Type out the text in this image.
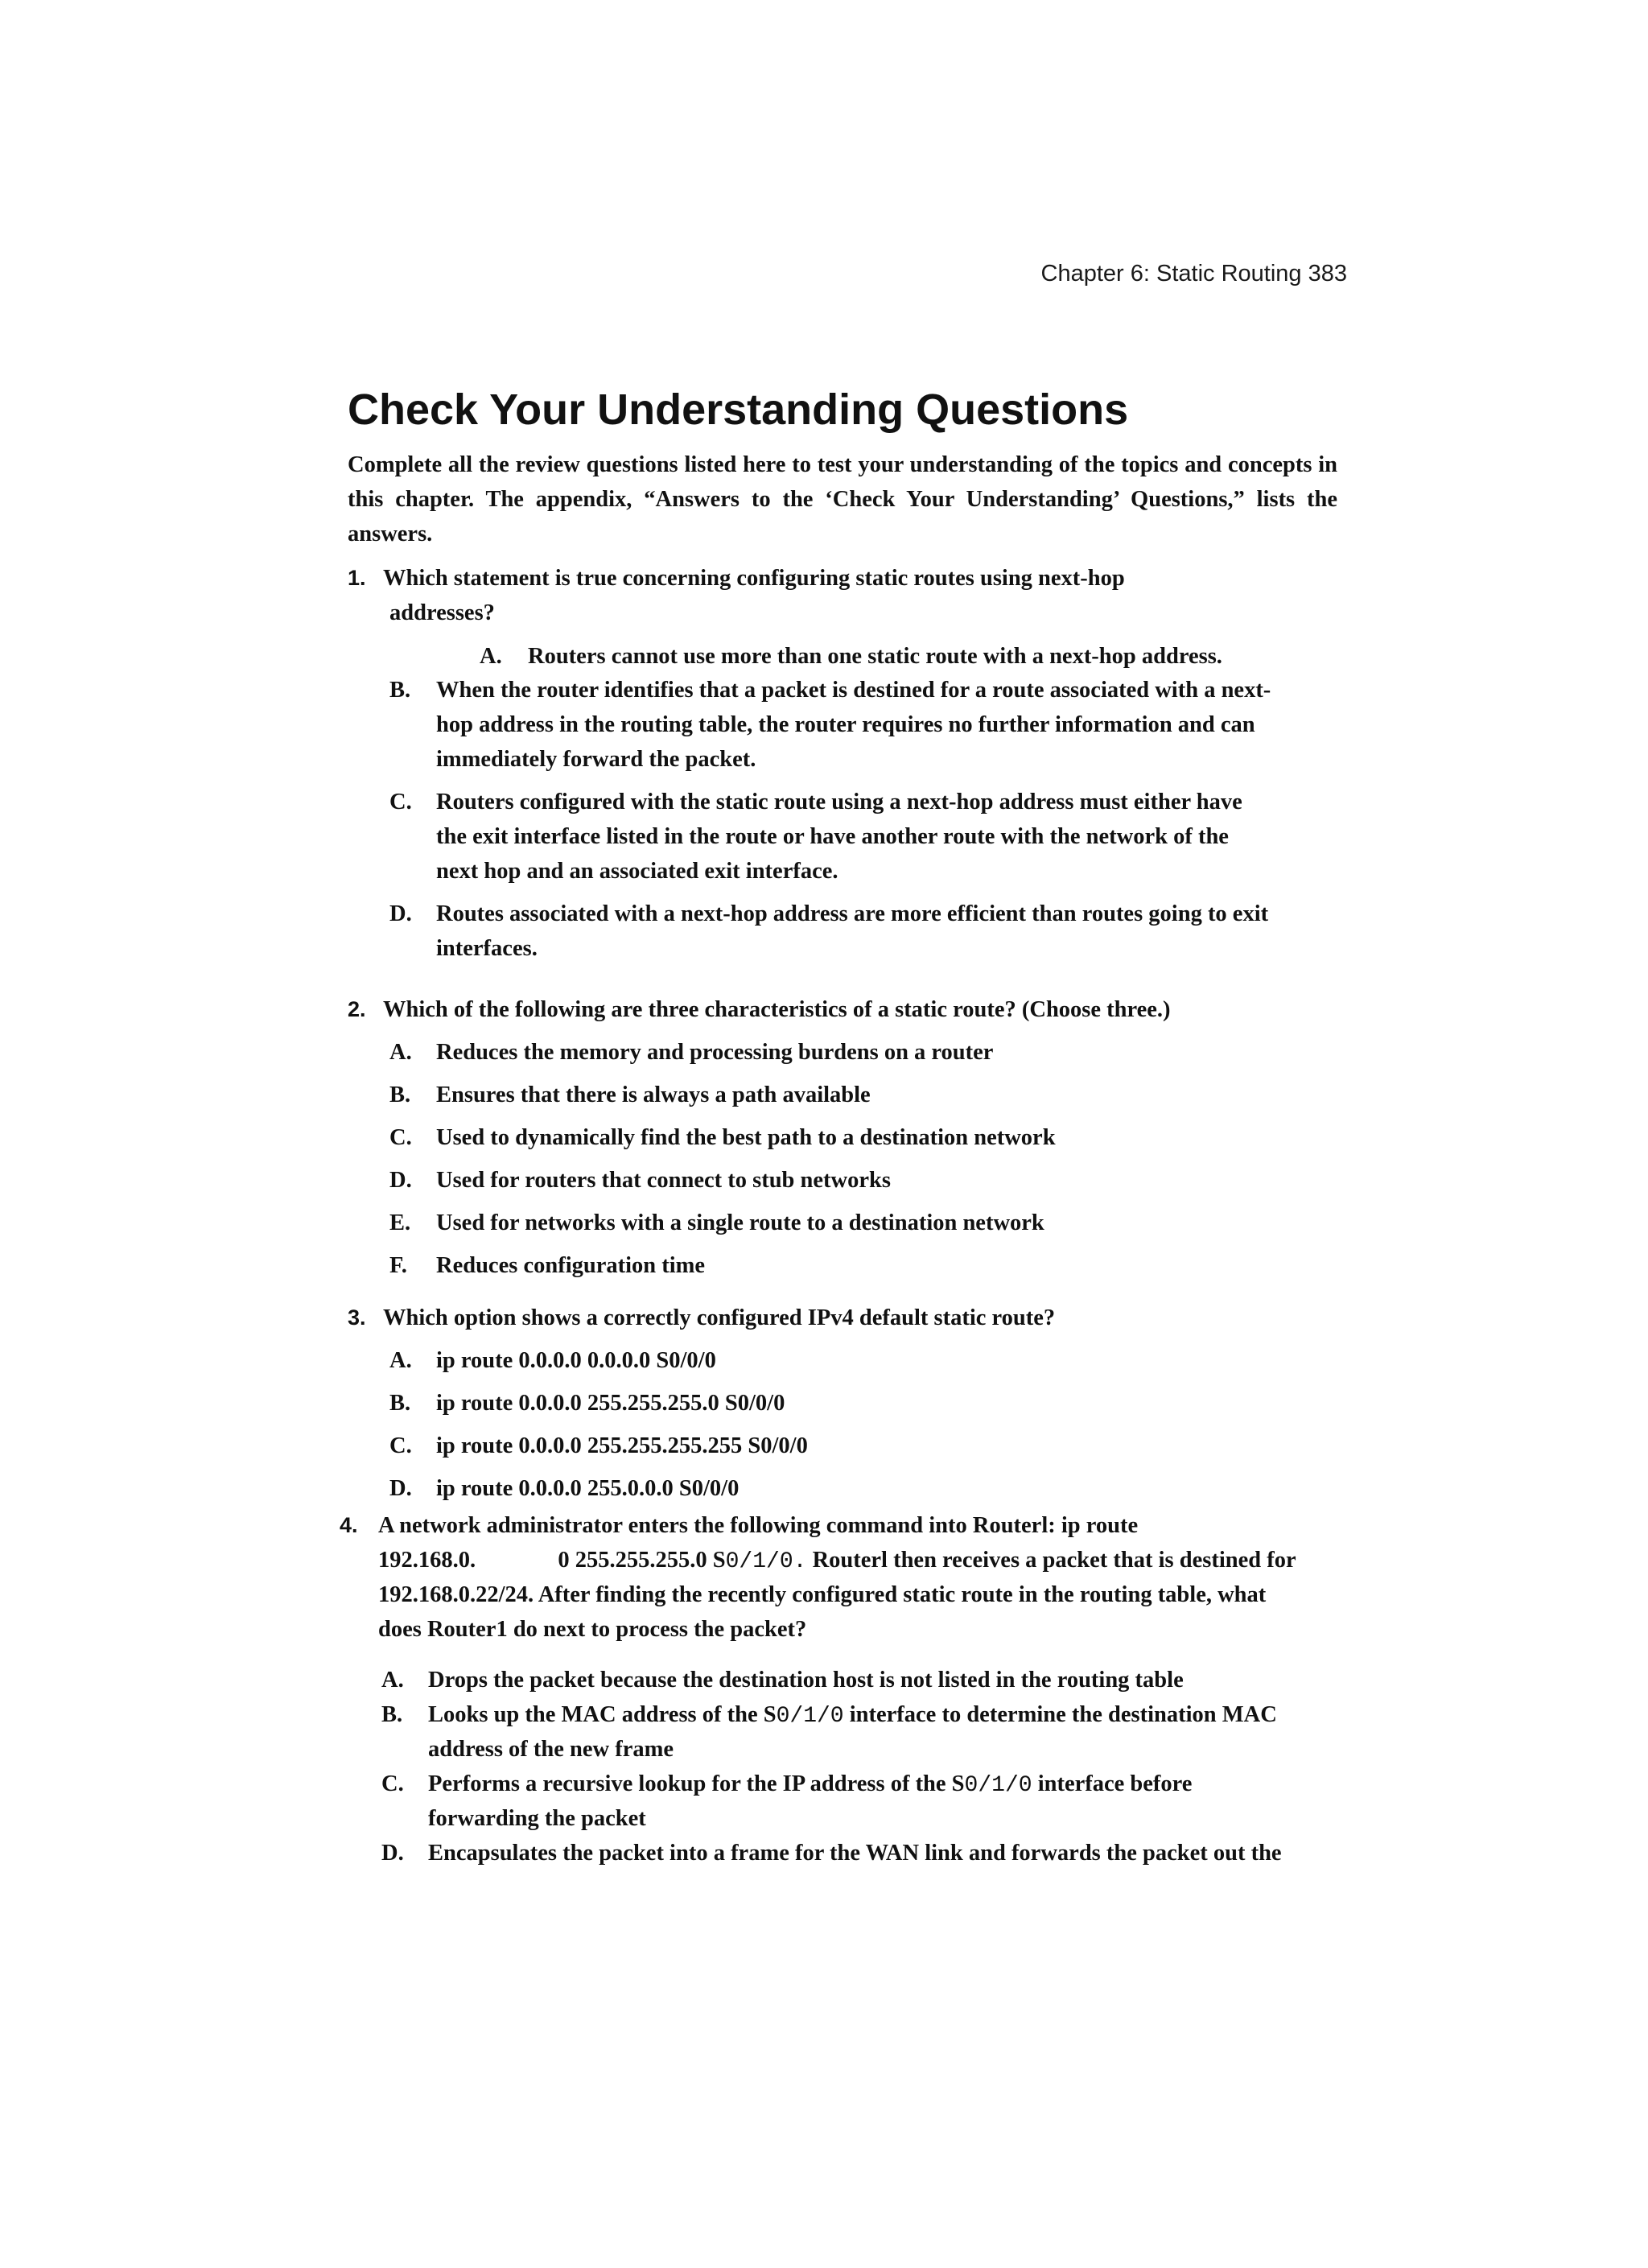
Chapter 6: Static Routing 383
Check Your Understanding Questions

Complete all the review questions listed here to test your understanding of the topics and concepts in this chapter. The appendix, “Answers to the ‘Check Your Understanding’ Questions,” lists the answers.

1. Which statement is true concerning configuring static routes using next-hop
addresses?
A. Routers cannot use more than one static route with a next-hop address.
B. When the router identifies that a packet is destined for a route associated with a next-
hop address in the routing table, the router requires no further information and can
immediately forward the packet.
C. Routers configured with the static route using a next-hop address must either have
the exit interface listed in the route or have another route with the network of the
next hop and an associated exit interface.
D. Routes associated with a next-hop address are more efficient than routes going to exit
interfaces.
2. Which of the following are three characteristics of a static route? (Choose three.)
A. Reduces the memory and processing burdens on a router
B. Ensures that there is always a path available
C. Used to dynamically find the best path to a destination network
D. Used for routers that connect to stub networks
E. Used for networks with a single route to a destination network
F. Reduces configuration time
3. Which option shows a correctly configured IPv4 default static route?
A. ip route 0.0.0.0 0.0.0.0 S0/0/0
B. ip route 0.0.0.0 255.255.255.0 S0/0/0
C. ip route 0.0.0.0 255.255.255.255 S0/0/0
D. ip route 0.0.0.0 255.0.0.0 S0/0/0
4. A network administrator enters the following command into Routerl: ip route
192.168.0.	0 255.255.255.0 S0/1/0. Routerl then receives a packet that is destined for
192.168.0.22/24. After finding the recently configured static route in the routing table, what
does Router1 do next to process the packet?
A. Drops the packet because the destination host is not listed in the routing table
B. Looks up the MAC address of the S0/1/0 interface to determine the destination MAC
address of the new frame
C. Performs a recursive lookup for the IP address of the S0/1/0 interface before
forwarding the packet
D. Encapsulates the packet into a frame for the WAN link and forwards the packet out the
